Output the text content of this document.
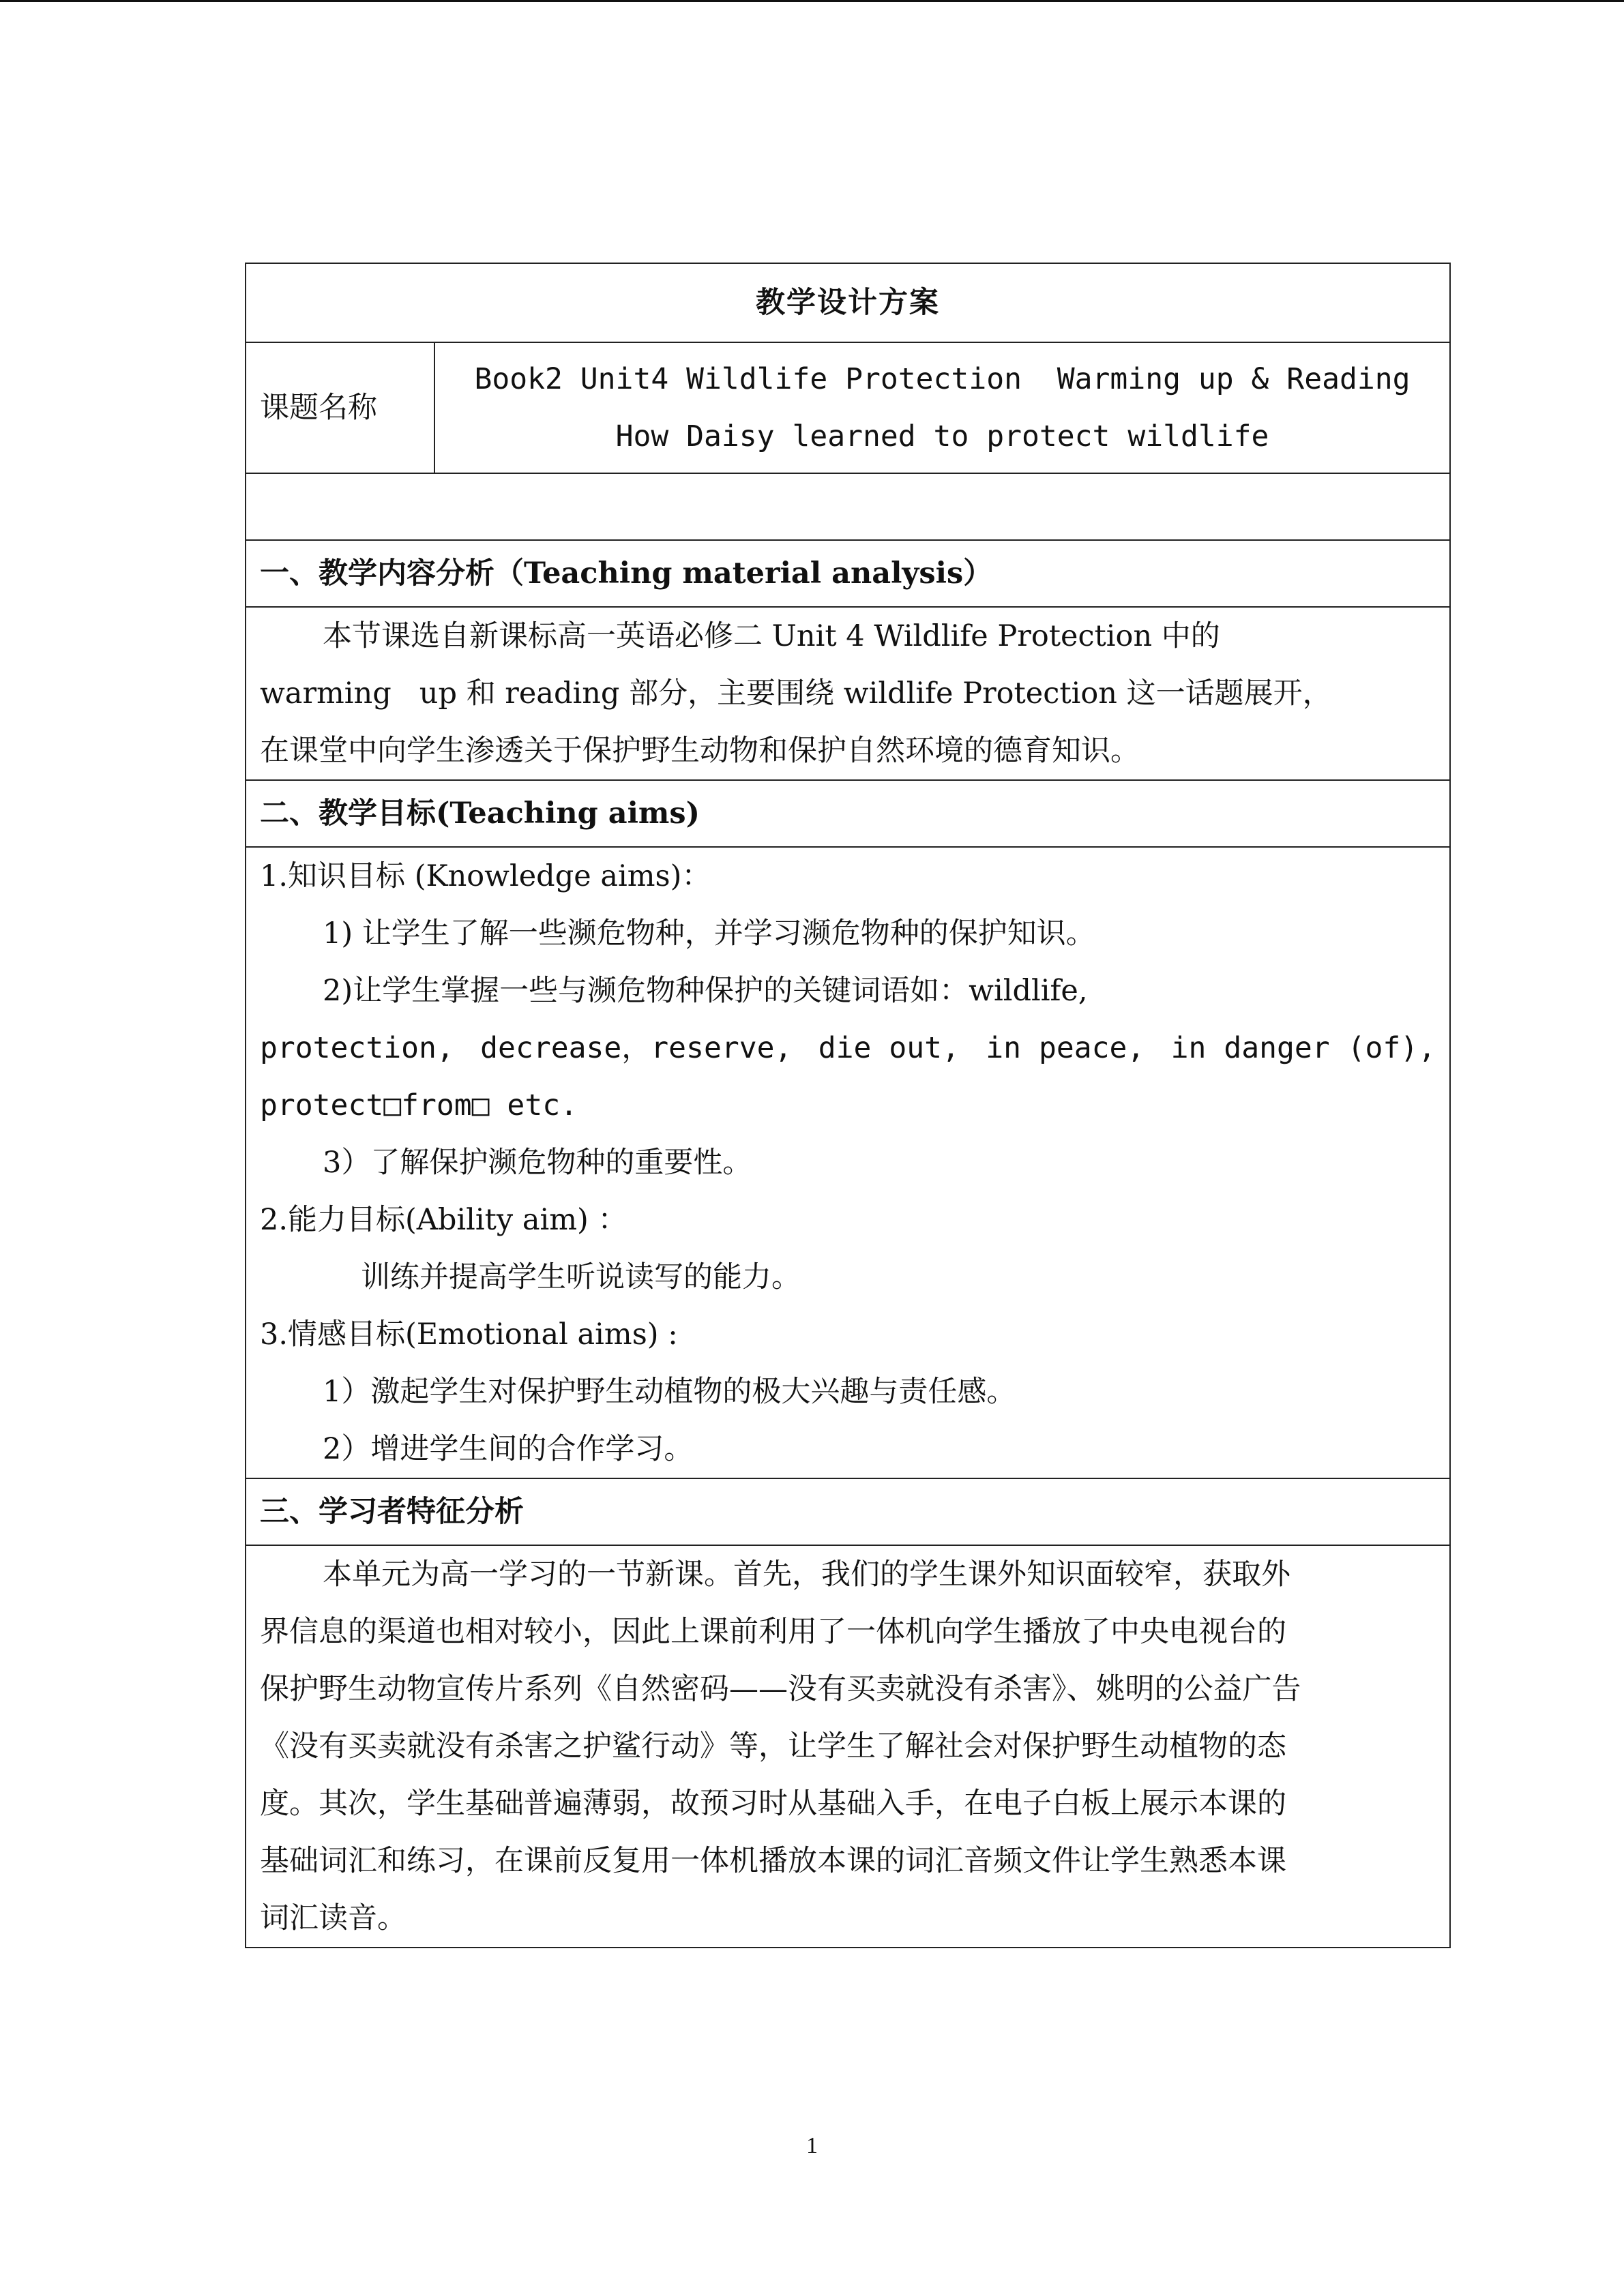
教学设计方案
课题名称	
Book2 Unit4 Wildlife Protection  Warming up & Reading
How Daisy learned to protect wildlife

一、教学内容分析（Teaching material analysis）

本节课选自新课标高一英语必修二 Unit 4 Wildlife Protection 中的
warming   up 和 reading 部分，主要围绕 wildlife Protection 这一话题展开，
在课堂中向学生渗透关于保护野生动物和保护自然环境的德育知识。

二、教学目标(Teaching aims)

1.知识目标 (Knowledge aims)：
1) 让学生了解一些濒危物种，并学习濒危物种的保护知识。
2)让学生掌握一些与濒危物种保护的关键词语如：wildlife,
protection, decrease，reserve, die out, in peace, in danger (of),
protect□from□ etc.
3）了解保护濒危物种的重要性。
2.能力目标(Ability aim) ：
训练并提高学生听说读写的能力。
3.情感目标(Emotional aims) :
1）激起学生对保护野生动植物的极大兴趣与责任感。
2）增进学生间的合作学习。

三、学习者特征分析

本单元为高一学习的一节新课。首先，我们的学生课外知识面较窄，获取外
界信息的渠道也相对较小，因此上课前利用了一体机向学生播放了中央电视台的
保护野生动物宣传片系列《自然密码——没有买卖就没有杀害》、姚明的公益广告
《没有买卖就没有杀害之护鲨行动》等，让学生了解社会对保护野生动植物的态
度。其次，学生基础普遍薄弱，故预习时从基础入手，在电子白板上展示本课的
基础词汇和练习，在课前反复用一体机播放本课的词汇音频文件让学生熟悉本课
词汇读音。
1
